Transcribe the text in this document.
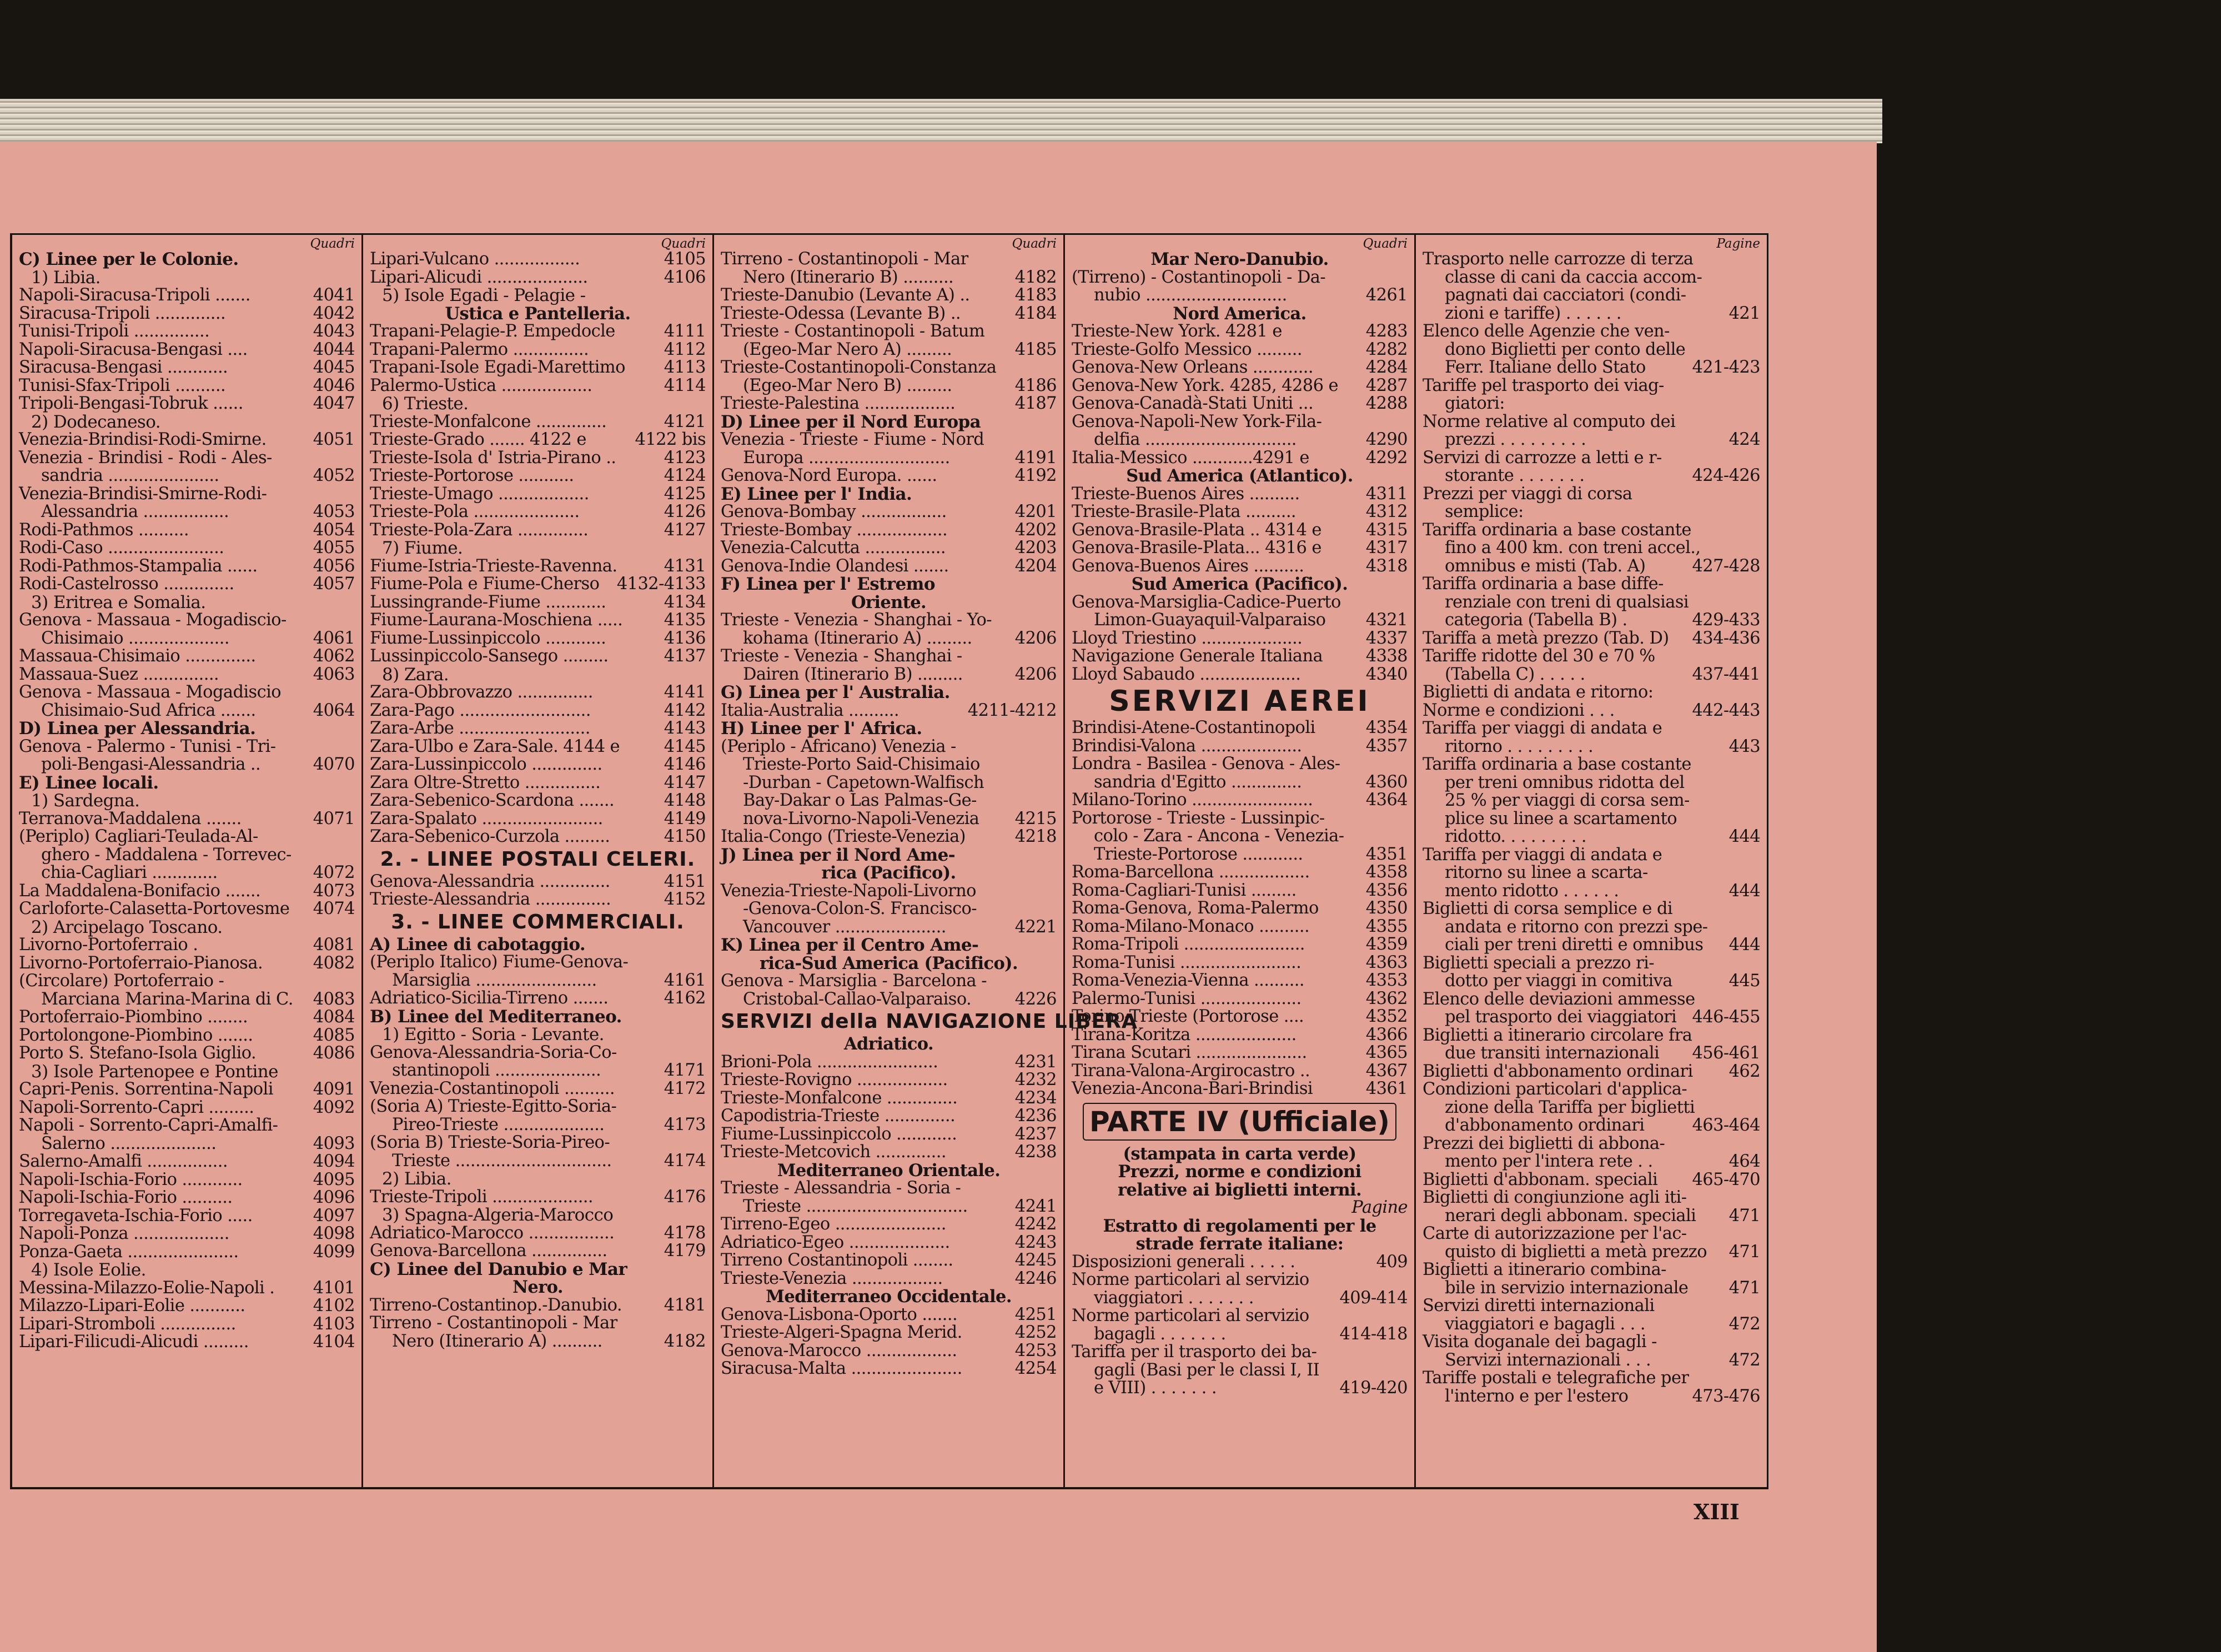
Quadri
C) Linee per le Colonie.
1) Libia.
Napoli-Siracusa-Tripoli .......	4041
Siracusa-Tripoli ..............	4042
Tunisi-Tripoli ...............	4043
Napoli-Siracusa-Bengasi ....	4044
Siracusa-Bengasi ............	4045
Tunisi-Sfax-Tripoli ..........	4046
Tripoli-Bengasi-Tobruk ......	4047
2) Dodecaneso.
Venezia-Brindisi-Rodi-Smirne.	4051
Venezia - Brindisi - Rodi - Ales-
sandria ......................	4052
Venezia-Brindisi-Smirne-Rodi-
Alessandria .................	4053
Rodi-Pathmos ..........	4054
Rodi-Caso .......................	4055
Rodi-Pathmos-Stampalia ......	4056
Rodi-Castelrosso ..............	4057
3) Eritrea e Somalia.
Genova - Massaua - Mogadiscio-
Chisimaio ....................	4061
Massaua-Chisimaio ..............	4062
Massaua-Suez ...............	4063
Genova - Massaua - Mogadiscio
Chisimaio-Sud Africa .......	4064
D) Linea per Alessandria.
Genova - Palermo - Tunisi - Tri-
poli-Bengasi-Alessandria ..	4070
E) Linee locali.
1) Sardegna.
Terranova-Maddalena .......	4071
(Periplo) Cagliari-Teulada-Al-
ghero - Maddalena - Torrevec-
chia-Cagliari .............	4072
La Maddalena-Bonifacio .......	4073
Carloforte-Calasetta-Portovesme 4074
2) Arcipelago Toscano.
Livorno-Portoferraio .	4081
Livorno-Portoferraio-Pianosa.	4082
(Circolare) Portoferraio -
Marciana Marina-Marina di C. 4083
Portoferraio-Piombino ........	4084
Portolongone-Piombino .......	4085
Porto S. Stefano-Isola Giglio.	4086
3) Isole Partenopee e Pontine
Capri-Penis. Sorrentina-Napoli 4091
Napoli-Sorrento-Capri .........	4092
Napoli - Sorrento-Capri-Amalfi-
Salerno .....................	4093
Salerno-Amalfi ................	4094
Napoli-Ischia-Forio ............	4095
Napoli-Ischia-Forio ..........	4096
Torregaveta-Ischia-Forio .....	4097
Napoli-Ponza ...................	4098
Ponza-Gaeta ......................	4099
4) Isole Eolie.
Messina-Milazzo-Eolie-Napoli . 4101
Milazzo-Lipari-Eolie ...........	4102
Lipari-Stromboli ...............	4103
Lipari-Filicudi-Alicudi .........	4104
Quadri
Lipari-Vulcano .................	4105
Lipari-Alicudi ....................	4106
5) Isole Egadi - Pelagie -
Ustica e Pantelleria.
Trapani-Pelagie-P. Empedocle	4111
Trapani-Palermo ...............	4112
Trapani-Isole Egadi-Marettimo 4113
Palermo-Ustica ..................	4114
6) Trieste.
Trieste-Monfalcone ..............	4121
Trieste-Grado ....... 4122 e	4122 bis
Trieste-Isola d' Istria-Pirano ..	4123
Trieste-Portorose ...........	4124
Trieste-Umago ..................	4125
Trieste-Pola .....................	4126
Trieste-Pola-Zara ..............	4127
7) Fiume.
Fiume-Istria-Trieste-Ravenna.	4131
Fiume-Pola e Fiume-Cherso 4132-4133
Lussingrande-Fiume ............	4134
Fiume-Laurana-Moschiena ..... 4135
Fiume-Lussinpiccolo ............	4136
Lussinpiccolo-Sansego .........	4137
8) Zara.
Zara-Obbrovazzo ...............	4141
Zara-Pago ..........................	4142
Zara-Arbe ..........................	4143
Zara-Ulbo e Zara-Sale. 4144 e	4145
Zara-Lussinpiccolo ..............	4146
Zara Oltre-Stretto ...............	4147
Zara-Sebenico-Scardona .......	4148
Zara-Spalato ........................	4149
Zara-Sebenico-Curzola .........	4150
2. - LINEE POSTALI CELERI.
Genova-Alessandria ..............	4151
Trieste-Alessandria ...............	4152
3. - LINEE COMMERCIALI.
A) Linee di cabotaggio.
(Periplo Italico) Fiume-Genova-
Marsiglia ........................	4161
Adriatico-Sicilia-Tirreno .......	4162
B) Linee del Mediterraneo.
1) Egitto - Soria - Levante.
Genova-Alessandria-Soria-Co-
stantinopoli .....................	4171
Venezia-Costantinopoli ..........	4172
(Soria A) Trieste-Egitto-Soria-
Pireo-Trieste ....................	4173
(Soria B) Trieste-Soria-Pireo-
Trieste ...............................	4174
2) Libia.
Trieste-Tripoli ....................	4176
3) Spagna-Algeria-Marocco
Adriatico-Marocco .................	4178
Genova-Barcellona ...............	4179
C) Linee del Danubio e Mar
Nero.
Tirreno-Costantinop.-Danubio. 4181
Tirreno - Costantinopoli - Mar
Nero (Itinerario A) ..........	4182
Quadri
Tirreno - Costantinopoli - Mar
Nero (Itinerario B) ..........	4182
Trieste-Danubio (Levante A) ..	4183
Trieste-Odessa (Levante B) ..	4184
Trieste - Costantinopoli - Batum
(Egeo-Mar Nero A) .........	4185
Trieste-Costantinopoli-Constanza
(Egeo-Mar Nero B) .........	4186
Trieste-Palestina ..................	4187
D) Linee per il Nord Europa
Venezia - Trieste - Fiume - Nord
Europa ............................	4191
Genova-Nord Europa. ......	4192
E) Linee per l' India.
Genova-Bombay .................	4201
Trieste-Bombay ..................	4202
Venezia-Calcutta ................	4203
Genova-Indie Olandesi .......	4204
F) Linea per l' Estremo
Oriente.
Trieste - Venezia - Shanghai - Yo-
kohama (Itinerario A) .........	4206
Trieste - Venezia - Shanghai -
Dairen (Itinerario B) .........	4206
G) Linea per l' Australia.
Italia-Australia ..........	4211-4212
H) Linee per l' Africa.
(Periplo - Africano) Venezia -
Trieste-Porto Said-Chisimaio
-Durban - Capetown-Walfisch
Bay-Dakar o Las Palmas-Ge-
nova-Livorno-Napoli-Venezia 4215
Italia-Congo (Trieste-Venezia)	4218
J) Linea per il Nord Ame-
rica (Pacifico).
Venezia-Trieste-Napoli-Livorno
-Genova-Colon-S. Francisco-
Vancouver ......................	4221
K) Linea per il Centro Ame-
rica-Sud America (Pacifico).
Genova - Marsiglia - Barcelona -
Cristobal-Callao-Valparaiso.	4226
SERVIZI della NAVIGAZIONE LIBERA
Adriatico.
Brioni-Pola ........................	4231
Trieste-Rovigno ..................	4232
Trieste-Monfalcone ..............	4234
Capodistria-Trieste ..............	4236
Fiume-Lussinpiccolo ............	4237
Trieste-Metcovich ..............	4238
Mediterraneo Orientale.
Trieste - Alessandria - Soria -
Trieste ................................	4241
Tirreno-Egeo ......................	4242
Adriatico-Egeo ....................	4243
Tirreno Costantinopoli ........	4245
Trieste-Venezia ..................	4246
Mediterraneo Occidentale.
Genova-Lisbona-Oporto .......	4251
Trieste-Algeri-Spagna Merid.	4252
Genova-Marocco ..................	4253
Siracusa-Malta ......................	4254
Quadri
Mar Nero-Danubio.
(Tirreno) - Costantinopoli - Da-
nubio ............................	4261
Nord America.
Trieste-New York. 4281 e	4283
Trieste-Golfo Messico .........	4282
Genova-New Orleans ............	4284
Genova-New York. 4285, 4286 e 4287
Genova-Canadà-Stati Uniti ...	4288
Genova-Napoli-New York-Fila-
delfia ..............................	4290
Italia-Messico ............4291 e	4292
Sud America (Atlantico).
Trieste-Buenos Aires ..........	4311
Trieste-Brasile-Plata ..........	4312
Genova-Brasile-Plata .. 4314 e	4315
Genova-Brasile-Plata... 4316 e	4317
Genova-Buenos Aires ..........	4318
Sud America (Pacifico).
Genova-Marsiglia-Cadice-Puerto
Limon-Guayaquil-Valparaiso 4321
Lloyd Triestino ....................	4337
Navigazione Generale Italiana	4338
Lloyd Sabaudo ....................	4340
SERVIZI AEREI
Brindisi-Atene-Costantinopoli	4354
Brindisi-Valona ....................	4357
Londra - Basilea - Genova - Ales-
sandria d'Egitto ..............	4360
Milano-Torino ........................	4364
Portorose - Trieste - Lussinpic-
colo - Zara - Ancona - Venezia-
Trieste-Portorose ............	4351
Roma-Barcellona ..................	4358
Roma-Cagliari-Tunisi .........	4356
Roma-Genova, Roma-Palermo	4350
Roma-Milano-Monaco ..........	4355
Roma-Tripoli ........................	4359
Roma-Tunisi ........................	4363
Roma-Venezia-Vienna ..........	4353
Palermo-Tunisi ....................	4362
Torino-Trieste (Portorose ....	4352
Tirana-Koritza ....................	4366
Tirana Scutari ......................	4365
Tirana-Valona-Argirocastro ..	4367
Venezia-Ancona-Bari-Brindisi	4361
PARTE IV (Ufficiale)
(stampata in carta verde)
Prezzi, norme e condizioni
relative ai biglietti interni.
Pagine
Estratto di regolamenti per le
strade ferrate italiane:
Disposizioni generali . . . . .	409
Norme particolari al servizio
viaggiatori . . . . . . .	409-414
Norme particolari al servizio
bagagli . . . . . . .	414-418
Tariffa per il trasporto dei ba-
gagli (Basi per le classi I, II
e VIII) . . . . . . .	419-420
Pagine
Trasporto nelle carrozze di terza
classe di cani da caccia accom-
pagnati dai cacciatori (condi-
zioni e tariffe) . . . . . .	421
Elenco delle Agenzie che ven-
dono Biglietti per conto delle
Ferr. Italiane dello Stato	421-423
Tariffe pel trasporto dei viag-
giatori:
Norme relative al computo dei
prezzi . . . . . . . . .	424
Servizi di carrozze a letti e r-
storante . . . . . . .	424-426
Prezzi per viaggi di corsa
semplice:
Tariffa ordinaria a base costante
fino a 400 km. con treni accel.,
omnibus e misti (Tab. A)	427-428
Tariffa ordinaria a base diffe-
renziale con treni di qualsiasi
categoria (Tabella B) .	429-433
Tariffa a metà prezzo (Tab. D) 434-436
Tariffe ridotte del 30 e 70 %
(Tabella C) . . . . .	437-441
Biglietti di andata e ritorno:
Norme e condizioni . . .	442-443
Tariffa per viaggi di andata e
ritorno . . . . . . . . .	443
Tariffa ordinaria a base costante
per treni omnibus ridotta del
25 % per viaggi di corsa sem-
plice su linee a scartamento
ridotto. . . . . . . . .	444
Tariffa per viaggi di andata e
ritorno su linee a scarta-
mento ridotto . . . . . .	444
Biglietti di corsa semplice e di
andata e ritorno con prezzi spe-
ciali per treni diretti e omnibus 444
Biglietti speciali a prezzo ri-
dotto per viaggi in comitiva	445
Elenco delle deviazioni ammesse
pel trasporto dei viaggiatori 446-455
Biglietti a itinerario circolare fra
due transiti internazionali 456-461
Biglietti d'abbonamento ordinari 462
Condizioni particolari d'applica-
zione della Tariffa per biglietti
d'abbonamento ordinari	463-464
Prezzi dei biglietti di abbona-
mento per l'intera rete . .	464
Biglietti d'abbonam. speciali 465-470
Biglietti di congiunzione agli iti-
nerari degli abbonam. speciali 471
Carte di autorizzazione per l'ac-
quisto di biglietti a metà prezzo 471
Biglietti a itinerario combina-
bile in servizio internazionale 471
Servizi diretti internazionali
viaggiatori e bagagli . . .	472
Visita doganale dei bagagli -
Servizi internazionali . . .	472
Tariffe postali e telegrafiche per
l'interno e per l'estero	473-476
XIII
